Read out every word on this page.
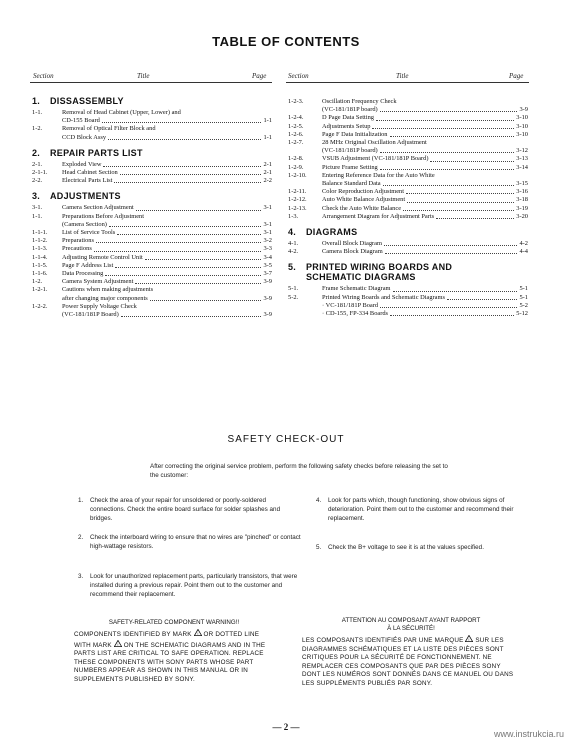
TABLE OF CONTENTS
Section	Title	Page	Section	Title	Page
1. DISSASSEMBLY
1-1.	Removal of Head Cabinet (Upper, Lower) and
CD-155 Board	1-1
1-2.	Removal of Optical Filter Block and
CCD Block Assy	1-1
2. REPAIR PARTS LIST
2-1.	Exploded View	2-1
2-1-1.	Head Cabinet Section	2-1
2-2.	Electrical Parts List	2-2
3. ADJUSTMENTS
3-1.	Camera Section Adjustment	3-1
1-1.	Preparations Before Adjustment
(Camera Section)	3-1
1-1-1.	List of Service Tools	3-1
1-1-2.	Preparations	3-2
1-1-3.	Precautions	3-3
1-1-4.	Adjusting Remote Control Unit	3-4
1-1-5.	Page F Address List	3-5
1-1-6.	Data Processing	3-7
1-2.	Camera System Adjustment	3-9
1-2-1.	Cautions when making adjustments
after changing major components	3-9
1-2-2.	Power Supply Voltage Check
(VC-181/181P Board)	3-9
1-2-3.	Oscillation Frequency Check
(VC-181/181P board)	3-9
1-2-4.	D Page Data Setting	3-10
1-2-5.	Adjustments Setup	3-10
1-2-6.	Page F Data Initialization	3-10
1-2-7.	28 MHz Original Oscillation Adjustment
(VC-181/181P board)	3-12
1-2-8.	VSUB Adjustment (VC-181/181P Board)	3-13
1-2-9.	Picture Frame Setting	3-14
1-2-10.	Entering Reference Data for the Auto White
Balance Standard Data	3-15
1-2-11.	Color Reproduction Adjustment	3-16
1-2-12.	Auto White Balance Adjustment	3-18
1-2-13.	Check the Auto White Balance	3-19
1-3.	Arrangement Diagram for Adjustment Parts	3-20
4. DIAGRAMS
4-1.	Overall Block Diagram	4-2
4-2.	Camera Block Diagram	4-4
5. PRINTED WIRING BOARDS AND
SCHEMATIC DIAGRAMS
5-1.	Frame Schematic Diagram	5-1
5-2.	Printed Wiring Boards and Schematic Diagrams	5-1
· VC-181/181P Board	5-2
· CD-155, FP-334 Boards	5-12
SAFETY CHECK-OUT
After correcting the original service problem, perform the following safety checks before releasing the set to the customer:
1. Check the area of your repair for unsoldered or poorly-soldered connections. Check the entire board surface for solder splashes and bridges.
2. Check the interboard wiring to ensure that no wires are "pinched" or contact high-wattage resistors.
3. Look for unauthorized replacement parts, particularly transistors, that were installed during a previous repair. Point them out to the customer and recommend their replacement.
4. Look for parts which, though functioning, show obvious signs of deterioration. Point them out to the customer and recommend their replacement.
5. Check the B+ voltage to see it is at the values specified.
SAFETY-RELATED COMPONENT WARNING!!
COMPONENTS IDENTIFIED BY MARK ! OR DOTTED LINE WITH MARK ! ON THE SCHEMATIC DIAGRAMS AND IN THE PARTS LIST ARE CRITICAL TO SAFE OPERATION. REPLACE THESE COMPONENTS WITH SONY PARTS WHOSE PART NUMBERS APPEAR AS SHOWN IN THIS MANUAL OR IN SUPPLEMENTS PUBLISHED BY SONY.
ATTENTION AU COMPOSANT AYANT RAPPORT
À LA SÉCURITÉ!
LES COMPOSANTS IDENTIFIÉS PAR UNE MARQUE ! SUR LES DIAGRAMMES SCHÉMATIQUES ET LA LISTE DES PIÈCES SONT CRITIQUES POUR LA SÉCURITÉ DE FONCTIONNEMENT. NE REMPLACER CES COMPOSANTS QUE PAR DES PIÈCES SONY DONT LES NUMÉROS SONT DONNÉS DANS CE MANUEL OU DANS LES SUPPLÉMENTS PUBLIÉS PAR SONY.
— 2 —
www.instrukcia.ru
